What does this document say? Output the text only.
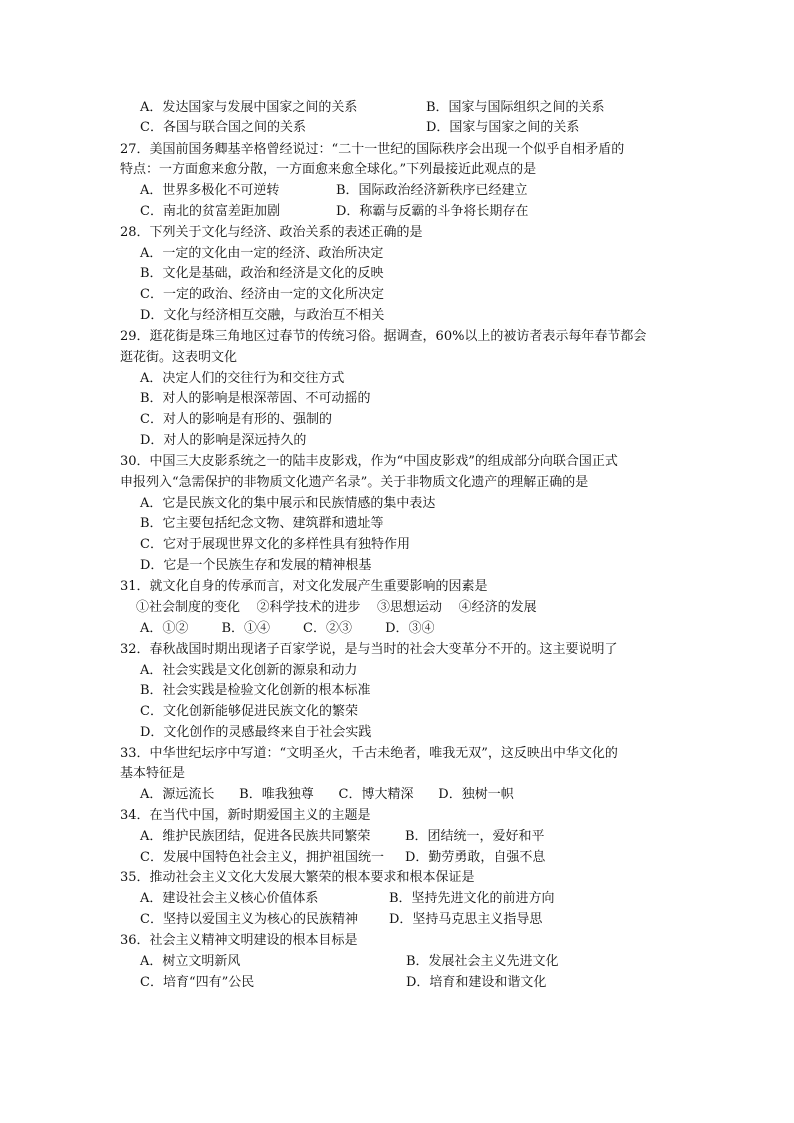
A．发达国家与发展中国家之间的关系	B．国家与国际组织之间的关系
C．各国与联合国之间的关系	D．国家与国家之间的关系
27．美国前国务卿基辛格曾经说过：“二十一世纪的国际秩序会出现一个似乎自相矛盾的
特点：一方面愈来愈分散，一方面愈来愈全球化。”下列最接近此观点的是
A．世界多极化不可逆转	B．国际政治经济新秩序已经建立
C．南北的贫富差距加剧	D．称霸与反霸的斗争将长期存在
28．下列关于文化与经济、政治关系的表述正确的是
A．一定的文化由一定的经济、政治所决定
B．文化是基础，政治和经济是文化的反映
C．一定的政治、经济由一定的文化所决定
D．文化与经济相互交融，与政治互不相关
29．逛花街是珠三角地区过春节的传统习俗。据调查，60%以上的被访者表示每年春节都会
逛花街。这表明文化
A．决定人们的交往行为和交往方式
B．对人的影响是根深蒂固、不可动摇的
C．对人的影响是有形的、强制的
D．对人的影响是深远持久的
30．中国三大皮影系统之一的陆丰皮影戏，作为“中国皮影戏”的组成部分向联合国正式
申报列入“急需保护的非物质文化遗产名录”。关于非物质文化遗产的理解正确的是
A．它是民族文化的集中展示和民族情感的集中表达
B．它主要包括纪念文物、建筑群和遗址等
C．它对于展现世界文化的多样性具有独特作用
D．它是一个民族生存和发展的精神根基
31．就文化自身的传承而言，对文化发展产生重要影响的因素是
①社会制度的变化    ②科学技术的进步    ③思想运动    ④经济的发展
A．①②        B．①④        C．②③        D．③④
32．春秋战国时期出现诸子百家学说，是与当时的社会大变革分不开的。这主要说明了
A．社会实践是文化创新的源泉和动力
B．社会实践是检验文化创新的根本标准
C．文化创新能够促进民族文化的繁荣
D．文化创作的灵感最终来自于社会实践
33．中华世纪坛序中写道：“文明圣火，千古未绝者，唯我无双”，这反映出中华文化的
基本特征是
A．源远流长      B．唯我独尊      C．博大精深      D．独树一帜
34．在当代中国，新时期爱国主义的主题是
A．维护民族团结，促进各民族共同繁荣	B．团结统一，爱好和平
C．发展中国特色社会主义，拥护祖国统一 D．勤劳勇敢，自强不息
35．推动社会主义文化大发展大繁荣的根本要求和根本保证是
A．建设社会主义核心价值体系	B．坚持先进文化的前进方向
C．坚持以爱国主义为核心的民族精神 D．坚持马克思主义指导思
36．社会主义精神文明建设的根本目标是
A．树立文明新风	B．发展社会主义先进文化
C．培育“四有”公民	D．培育和建设和谐文化
